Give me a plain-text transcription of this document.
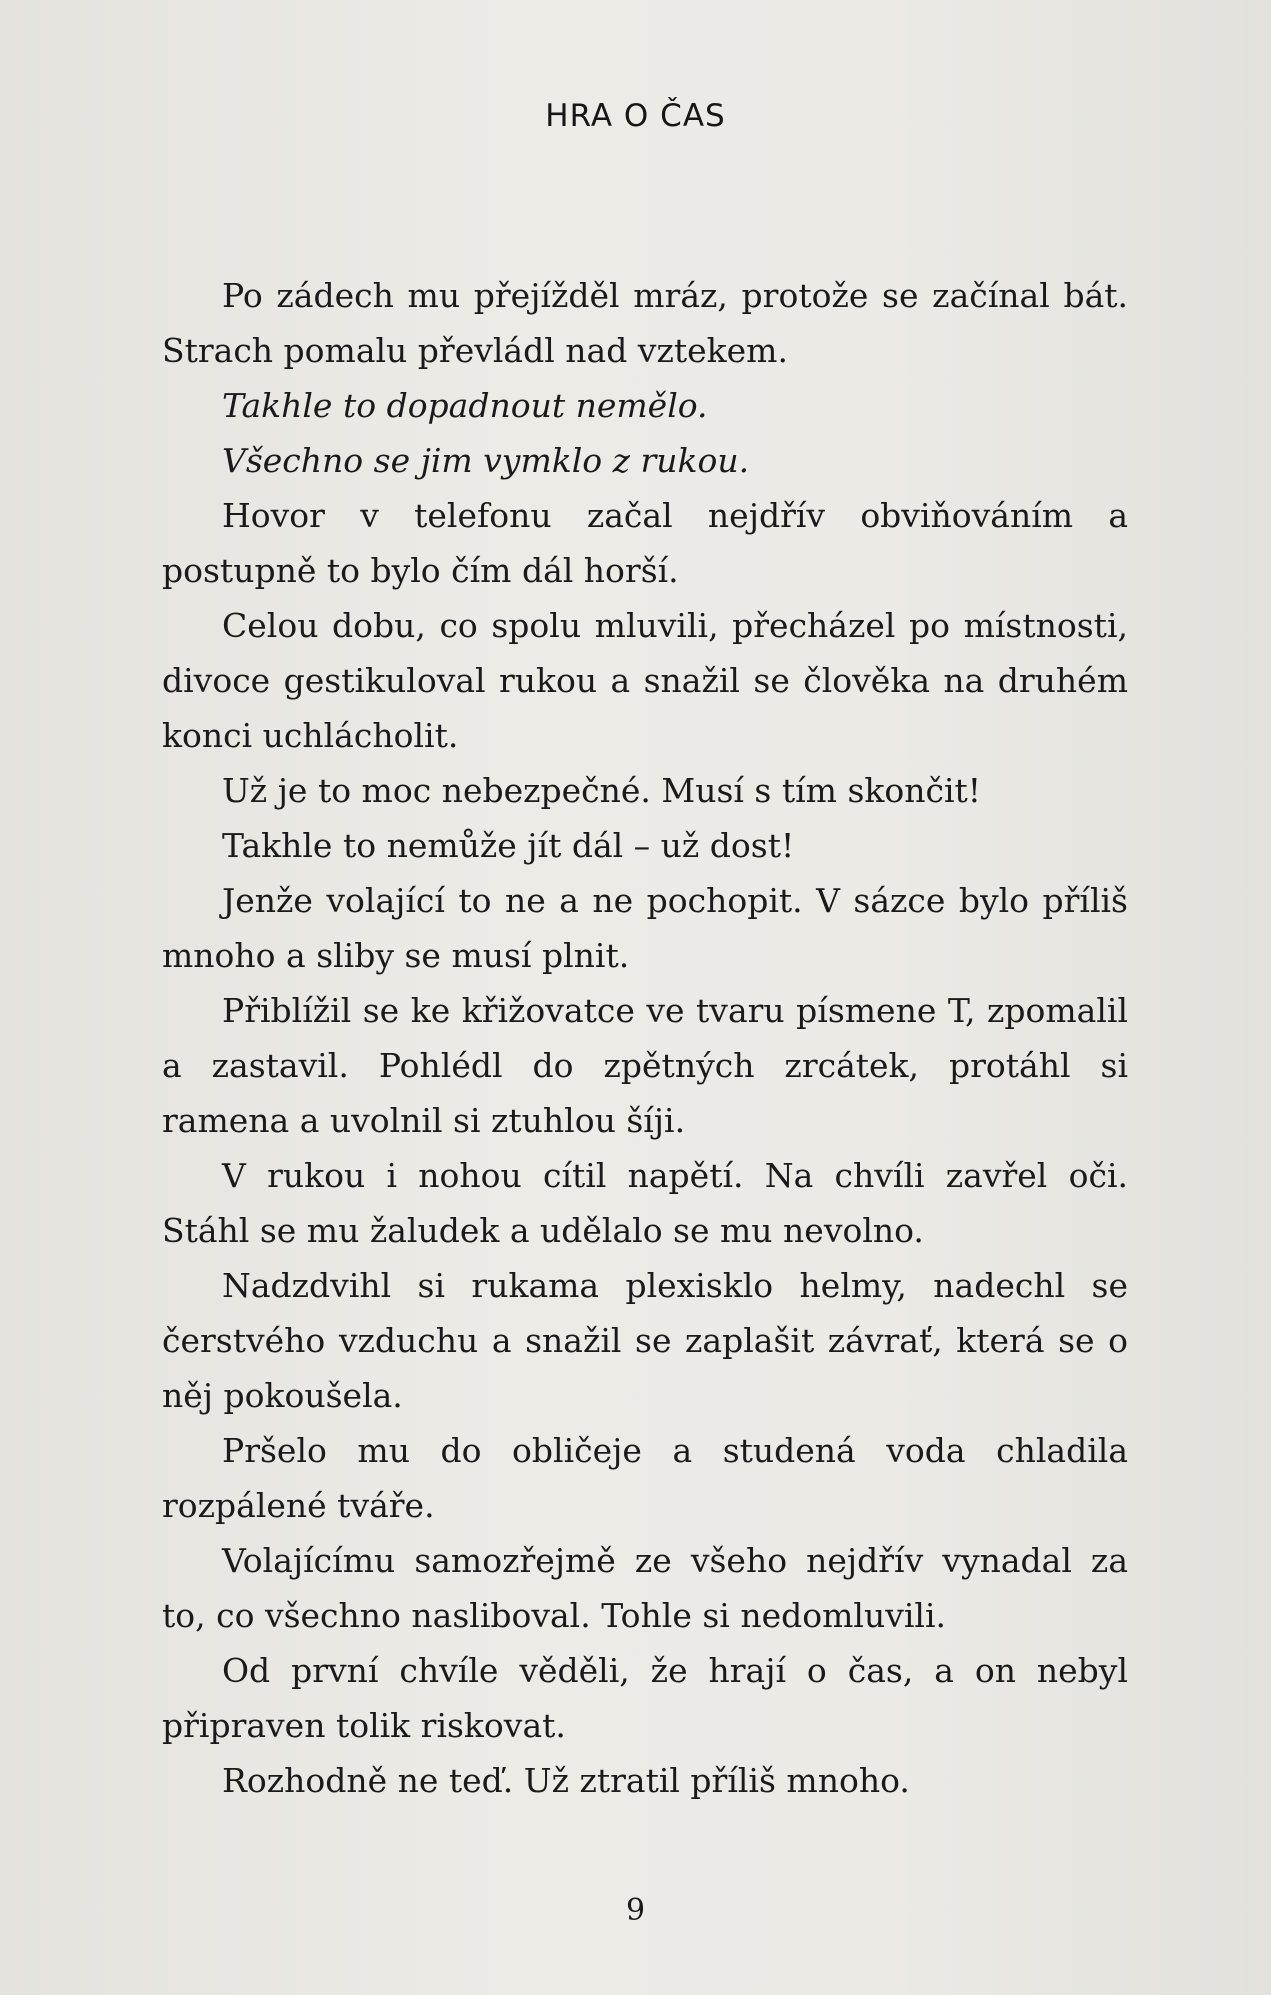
HRA O ČAS

Po zádech mu přejížděl mráz, protože se začínal bát. Strach pomalu převládl nad vztekem.

Takhle to dopadnout nemělo.

Všechno se jim vymklo z rukou.

Hovor v telefonu začal nejdřív obviňováním a postupně to bylo čím dál horší.

Celou dobu, co spolu mluvili, přecházel po místnosti, divoce gestikuloval rukou a snažil se člověka na druhém konci uchlácholit.

Už je to moc nebezpečné. Musí s tím skončit!

Takhle to nemůže jít dál – už dost!

Jenže volající to ne a ne pochopit. V sázce bylo příliš mnoho a sliby se musí plnit.

Přiblížil se ke křižovatce ve tvaru písmene T, zpomalil a zastavil. Pohlédl do zpětných zrcátek, protáhl si ramena a uvolnil si ztuhlou šíji.

V rukou i nohou cítil napětí. Na chvíli zavřel oči. Stáhl se mu žaludek a udělalo se mu nevolno.

Nadzdvihl si rukama plexisklo helmy, nadechl se čerstvého vzduchu a snažil se zaplašit závrať, která se o něj pokoušela.

Pršelo mu do obličeje a studená voda chladila rozpálené tváře.

Volajícímu samozřejmě ze všeho nejdřív vynadal za to, co všechno nasliboval. Tohle si nedomluvili.

Od první chvíle věděli, že hrají o čas, a on nebyl připraven tolik riskovat.

Rozhodně ne teď. Už ztratil příliš mnoho.

9
